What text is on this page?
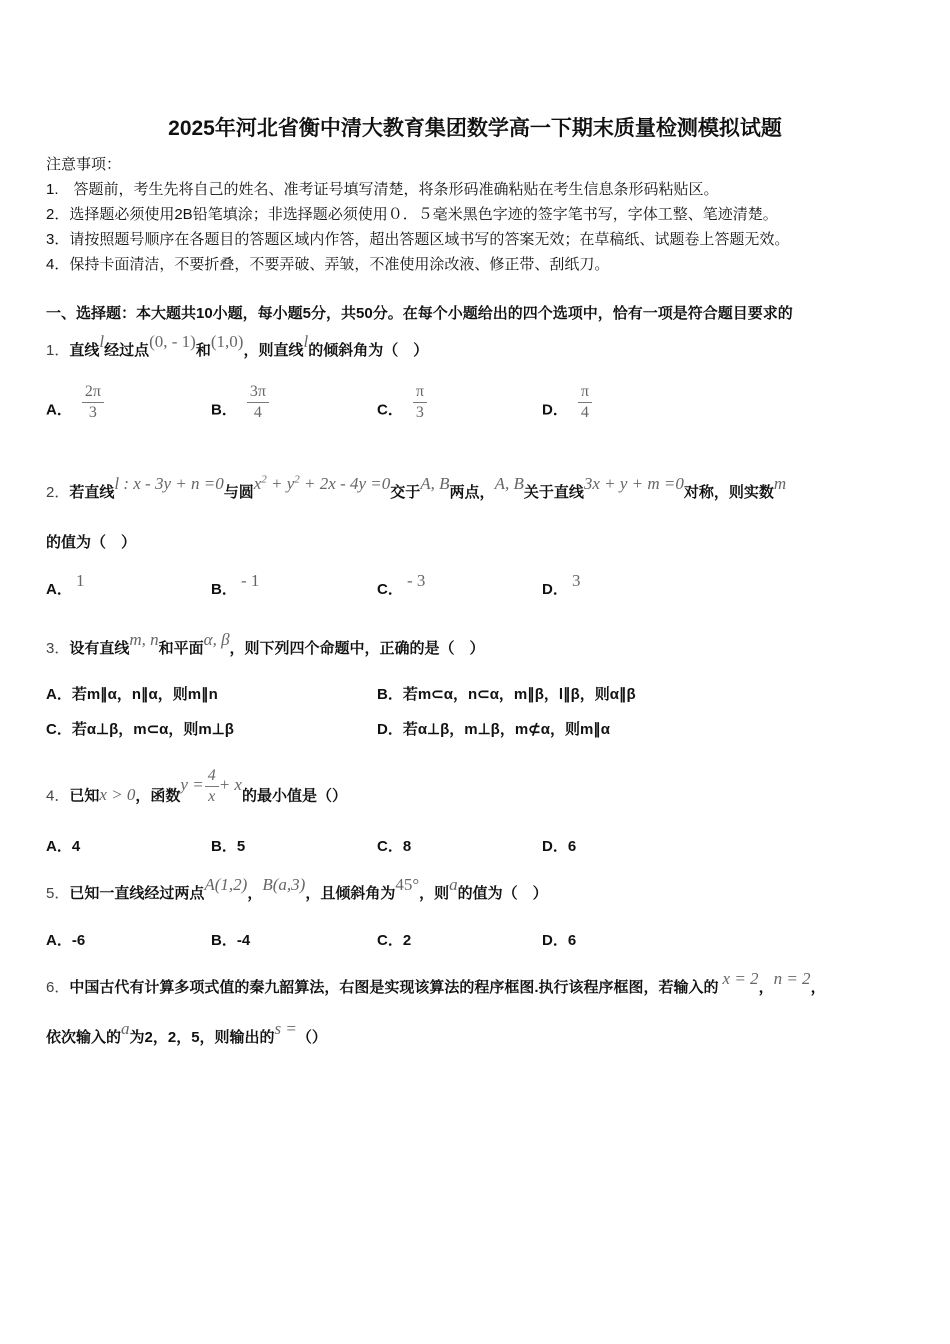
2025年河北省衡中清大教育集团数学高一下期末质量检测模拟试题
注意事项：
1.　答题前，考生先将自己的姓名、准考证号填写清楚，将条形码准确粘贴在考生信息条形码粘贴区。
2．选择题必须使用2B铅笔填涂；非选择题必须使用０．５毫米黑色字迹的签字笔书写，字体工整、笔迹清楚。
3．请按照题号顺序在各题目的答题区域内作答，超出答题区域书写的答案无效；在草稿纸、试题卷上答题无效。
4．保持卡面清洁，不要折叠，不要弄破、弄皱，不准使用涂改液、修正带、刮纸刀。
一、选择题：本大题共10小题，每小题5分，共50分。在每个小题给出的四个选项中，恰有一项是符合题目要求的
1．直线l经过点(0, - 1)和(1,0)，则直线l的倾斜角为（　）
A． $\frac{2\pi}{3}$	B． $\frac{3\pi}{4}$	C． $\frac{\pi}{3}$	D． $\frac{\pi}{4}$
2．若直线l : x - 3y + n =0与圆$x^2 + y^2 + 2x - 4y =0$交于A, B两点，A, B关于直线3x + y + m =0对称，则实数m
的值为（　）
A． 1	B． - 1	C． - 3	D． 3
3．设有直线m, n和平面α, β，则下列四个命题中，正确的是（　）
A．若m∥α，n∥α，则m∥n	B．若m⊂α，n⊂α，m∥β，l∥β，则α∥β
C．若α⊥β，m⊂α，则m⊥β	D．若α⊥β，m⊥β，m⊄α，则m∥α
4．已知x > 0，函数$y = \frac{4}{x} + x$的最小值是（）
A．4	B．5	C．8	D．6
5．已知一直线经过两点A(1,2)，B(a,3)，且倾斜角为45°，则a的值为（　）
A．-6	B．-4	C．2	D．6
6．中国古代有计算多项式值的秦九韶算法，右图是实现该算法的程序框图.执行该程序框图，若输入的 x = 2，n = 2，
依次输入的a为2，2，5，则输出的s =（）
